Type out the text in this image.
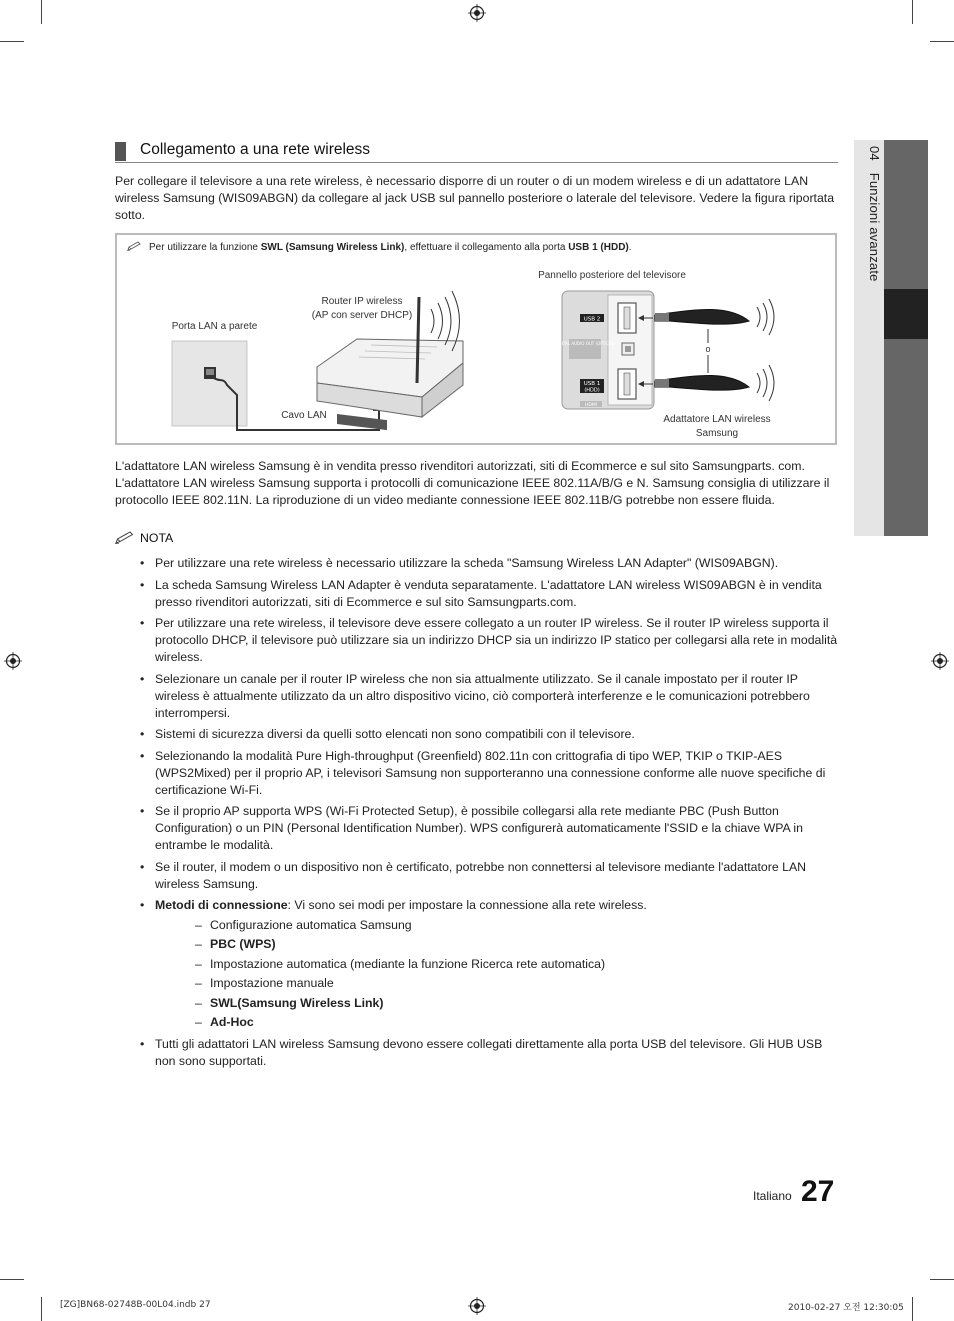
04 Funzioni avanzate
Collegamento a una rete wireless

Per collegare il televisore a una rete wireless, è necessario disporre di un router o di un modem wireless e di un adattatore LAN wireless Samsung (WIS09ABGN) da collegare al jack USB sul pannello posteriore o laterale del televisore. Vedere la figura riportata sotto.

Per utilizzare la funzione SWL (Samsung Wireless Link), effettuare il collegamento alla porta USB 1 (HDD).
USB 2
DIGITAL AUDIO OUT (OPTICAL)
USB 1
(HDD)
HDMI
o
Pannello posteriore del televisore
Router IP wireless
(AP con server DHCP)
Porta LAN a parete
Cavo LAN	Adattatore LAN wireless
Samsung

L'adattatore LAN wireless Samsung è in vendita presso rivenditori autorizzati, siti di Ecommerce e sul sito Samsungparts. com. L'adattatore LAN wireless Samsung supporta i protocolli di comunicazione IEEE 802.11A/B/G e N. Samsung consiglia di utilizzare il protocollo IEEE 802.11N. La riproduzione di un video mediante connessione IEEE 802.11B/G potrebbe non essere fluida.

NOTA
• Per utilizzare una rete wireless è necessario utilizzare la scheda "Samsung Wireless LAN Adapter" (WIS09ABGN).
• La scheda Samsung Wireless LAN Adapter è venduta separatamente. L'adattatore LAN wireless WIS09ABGN è in vendita presso rivenditori autorizzati, siti di Ecommerce e sul sito Samsungparts.com.
• Per utilizzare una rete wireless, il televisore deve essere collegato a un router IP wireless. Se il router IP wireless supporta il protocollo DHCP, il televisore può utilizzare sia un indirizzo DHCP sia un indirizzo IP statico per collegarsi alla rete in modalità wireless.
• Selezionare un canale per il router IP wireless che non sia attualmente utilizzato. Se il canale impostato per il router IP wireless è attualmente utilizzato da un altro dispositivo vicino, ciò comporterà interferenze e le comunicazioni potrebbero interrompersi.
• Sistemi di sicurezza diversi da quelli sotto elencati non sono compatibili con il televisore.
• Selezionando la modalità Pure High-throughput (Greenfield) 802.11n con crittografia di tipo WEP, TKIP o TKIP-AES (WPS2Mixed) per il proprio AP, i televisori Samsung non supporteranno una connessione conforme alle nuove specifiche di certificazione Wi-Fi.
• Se il proprio AP supporta WPS (Wi-Fi Protected Setup), è possibile collegarsi alla rete mediante PBC (Push Button Configuration) o un PIN (Personal Identification Number). WPS configurerà automaticamente l'SSID e la chiave WPA in entrambe le modalità.
• Se il router, il modem o un dispositivo non è certificato, potrebbe non connettersi al televisore mediante l'adattatore LAN wireless Samsung.
• Metodi di connessione: Vi sono sei modi per impostare la connessione alla rete wireless.
– Configurazione automatica Samsung
– PBC (WPS)
– Impostazione automatica (mediante la funzione Ricerca rete automatica)
– Impostazione manuale
– SWL(Samsung Wireless Link)
– Ad-Hoc
• Tutti gli adattatori LAN wireless Samsung devono essere collegati direttamente alla porta USB del televisore. Gli HUB USB non sono supportati.
Italiano 27
[ZG]BN68-02748B-00L04.indb 27	2010-02-27 오전 12:30:05
